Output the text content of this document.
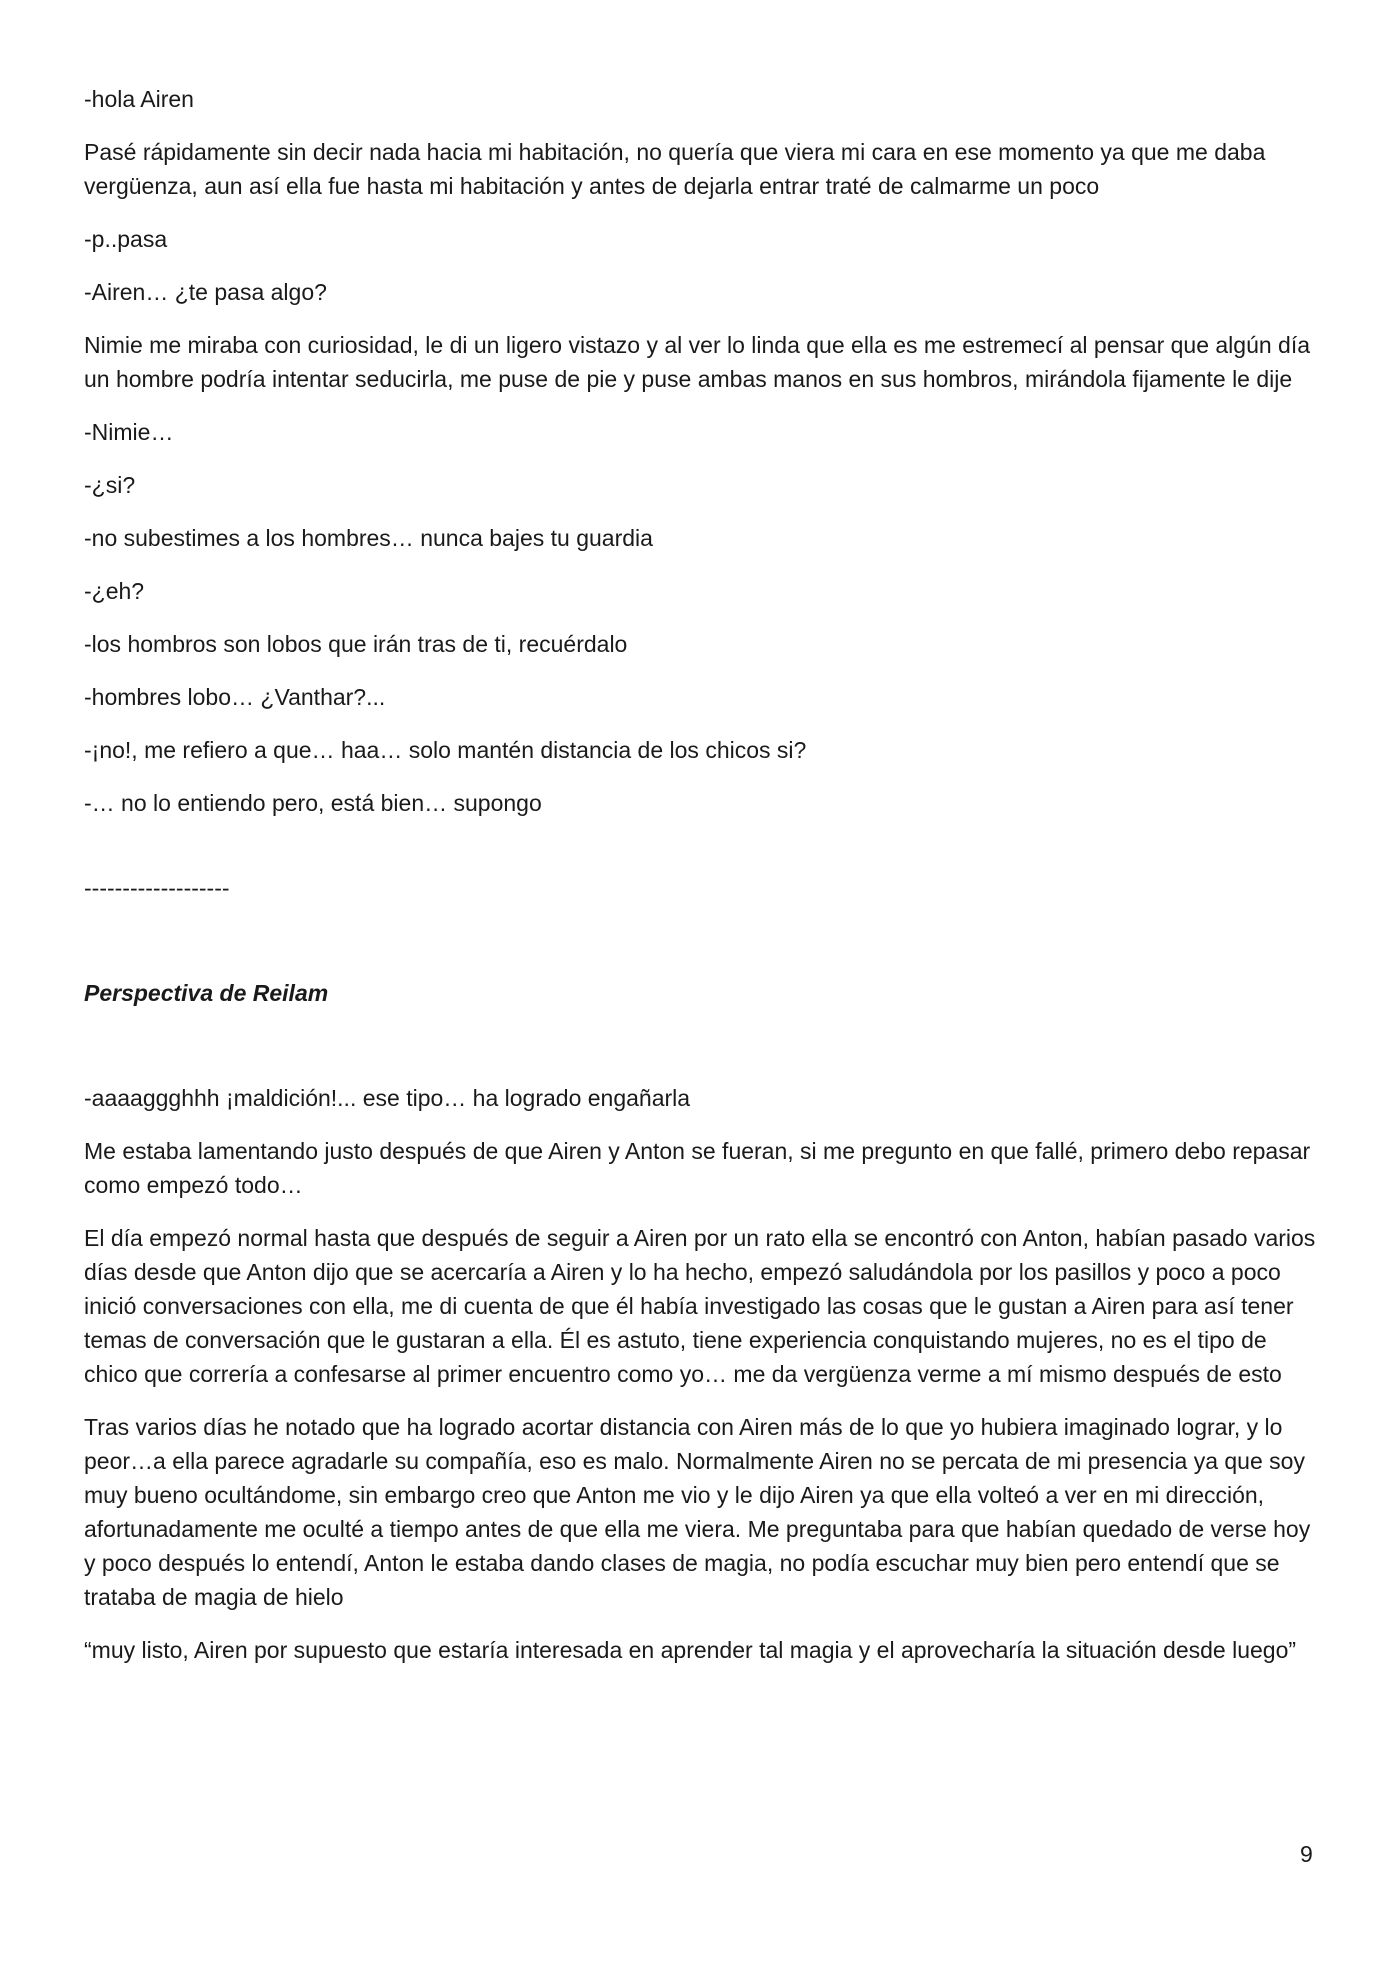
-hola Airen

Pasé rápidamente sin decir nada hacia mi habitación, no quería que viera mi cara en ese momento ya que me daba vergüenza, aun así ella fue hasta mi habitación y antes de dejarla entrar traté de calmarme un poco

-p..pasa

-Airen… ¿te pasa algo?

Nimie me miraba con curiosidad, le di un ligero vistazo y al ver lo linda que ella es me estremecí al pensar que algún día un hombre podría intentar seducirla, me puse de pie y puse ambas manos en sus hombros, mirándola fijamente le dije

-Nimie…

-¿si?

-no subestimes a los hombres… nunca bajes tu guardia

-¿eh?

-los hombros son lobos que irán tras de ti, recuérdalo

-hombres lobo… ¿Vanthar?...

-¡no!, me refiero a que… haa… solo mantén distancia de los chicos si?

-… no lo entiendo pero, está bien… supongo

-------------------
Perspectiva de Reilam

-aaaaggghhh ¡maldición!... ese tipo… ha logrado engañarla

Me estaba lamentando justo después de que Airen y Anton se fueran, si me pregunto en que fallé, primero debo repasar como empezó todo…

El día empezó normal hasta que después de seguir a Airen por un rato ella se encontró con Anton, habían pasado varios días desde que Anton dijo que se acercaría a Airen y lo ha hecho, empezó saludándola por los pasillos y poco a poco inició conversaciones con ella, me di cuenta de que él había investigado las cosas que le gustan a Airen para así tener temas de conversación que le gustaran a ella. Él es astuto, tiene experiencia conquistando mujeres, no es el tipo de chico que correría a confesarse al primer encuentro como yo… me da vergüenza verme a mí mismo después de esto

Tras varios días he notado que ha logrado acortar distancia con Airen más de lo que yo hubiera imaginado lograr, y lo peor…a ella parece agradarle su compañía, eso es malo. Normalmente Airen no se percata de mi presencia ya que soy muy bueno ocultándome, sin embargo creo que Anton me vio y le dijo Airen ya que ella volteó a ver en mi dirección, afortunadamente me oculté a tiempo antes de que ella me viera. Me preguntaba para que habían quedado de verse hoy y poco después lo entendí, Anton le estaba dando clases de magia, no podía escuchar muy bien pero entendí que se trataba de magia de hielo

“muy listo, Airen por supuesto que estaría interesada en aprender tal magia y el aprovecharía la situación desde luego”

9
